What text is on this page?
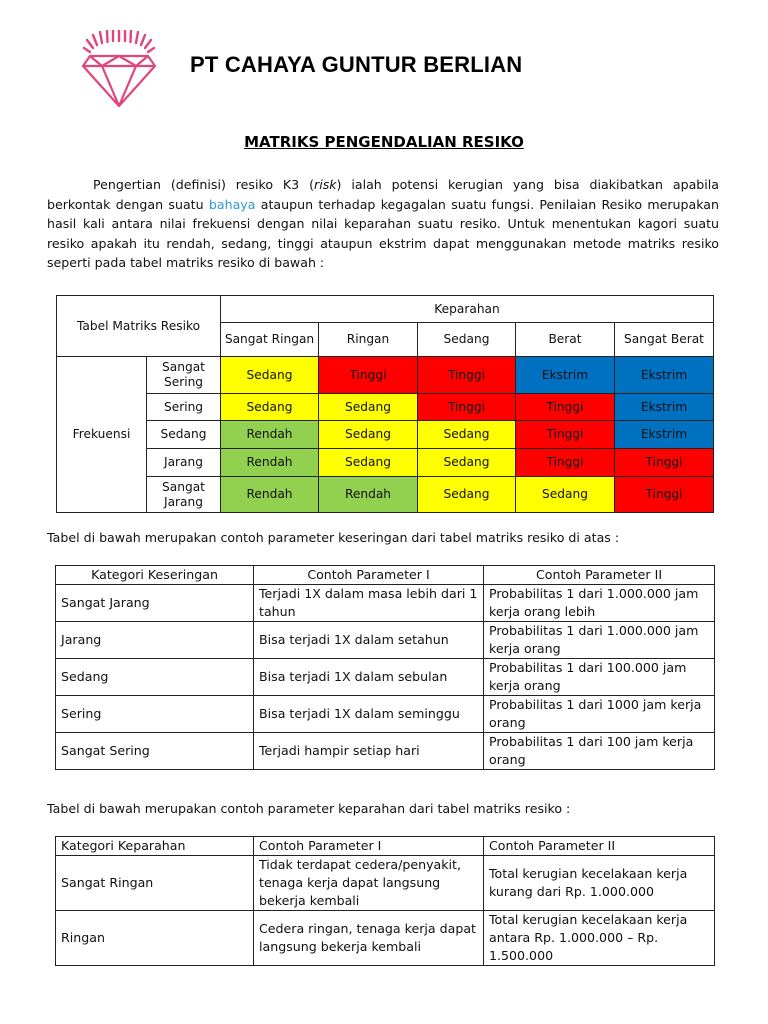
PT CAHAYA GUNTUR BERLIAN
MATRIKS PENGENDALIAN RESIKO
Pengertian (definisi) resiko K3 (risk) ialah potensi kerugian yang bisa diakibatkan apabila berkontak dengan suatu bahaya ataupun terhadap kegagalan suatu fungsi. Penilaian Resiko merupakan hasil kali antara nilai frekuensi dengan nilai keparahan suatu resiko. Untuk menentukan kagori suatu resiko apakah itu rendah, sedang, tinggi ataupun ekstrim dapat menggunakan metode matriks resiko seperti pada tabel matriks resiko di bawah :
Tabel Matriks Resiko		Keparahan				
		Sangat Ringan	Ringan	Sedang	Berat	Sangat Berat
Frekuensi	Sangat Sering	Sedang	Tinggi	Tinggi	Ekstrim	Ekstrim
	Sering	Sedang	Sedang	Tinggi	Tinggi	Ekstrim
	Sedang	Rendah	Sedang	Sedang	Tinggi	Ekstrim
	Jarang	Rendah	Sedang	Sedang	Tinggi	Tinggi
	Sangat Jarang	Rendah	Rendah	Sedang	Sedang	Tinggi
Tabel di bawah merupakan contoh parameter keseringan dari tabel matriks resiko di atas :
Kategori Keseringan	Contoh Parameter I	Contoh Parameter II
Sangat Jarang	Terjadi 1X dalam masa lebih dari 1 tahun	Probabilitas 1 dari 1.000.000 jam kerja orang lebih
Jarang	Bisa terjadi 1X dalam setahun	Probabilitas 1 dari 1.000.000 jam kerja orang
Sedang	Bisa terjadi 1X dalam sebulan	Probabilitas 1 dari 100.000 jam kerja orang
Sering	Bisa terjadi 1X dalam seminggu	Probabilitas 1 dari 1000 jam kerja orang
Sangat Sering	Terjadi hampir setiap hari	Probabilitas 1 dari 100 jam kerja orang
Tabel di bawah merupakan contoh parameter keparahan dari tabel matriks resiko :
Kategori Keparahan	Contoh Parameter I	Contoh Parameter II
Sangat Ringan	Tidak terdapat cedera/penyakit, tenaga kerja dapat langsung bekerja kembali	Total kerugian kecelakaan kerja kurang dari Rp. 1.000.000
Ringan	Cedera ringan, tenaga kerja dapat langsung bekerja kembali	Total kerugian kecelakaan kerja antara Rp. 1.000.000 – Rp. 1.500.000
